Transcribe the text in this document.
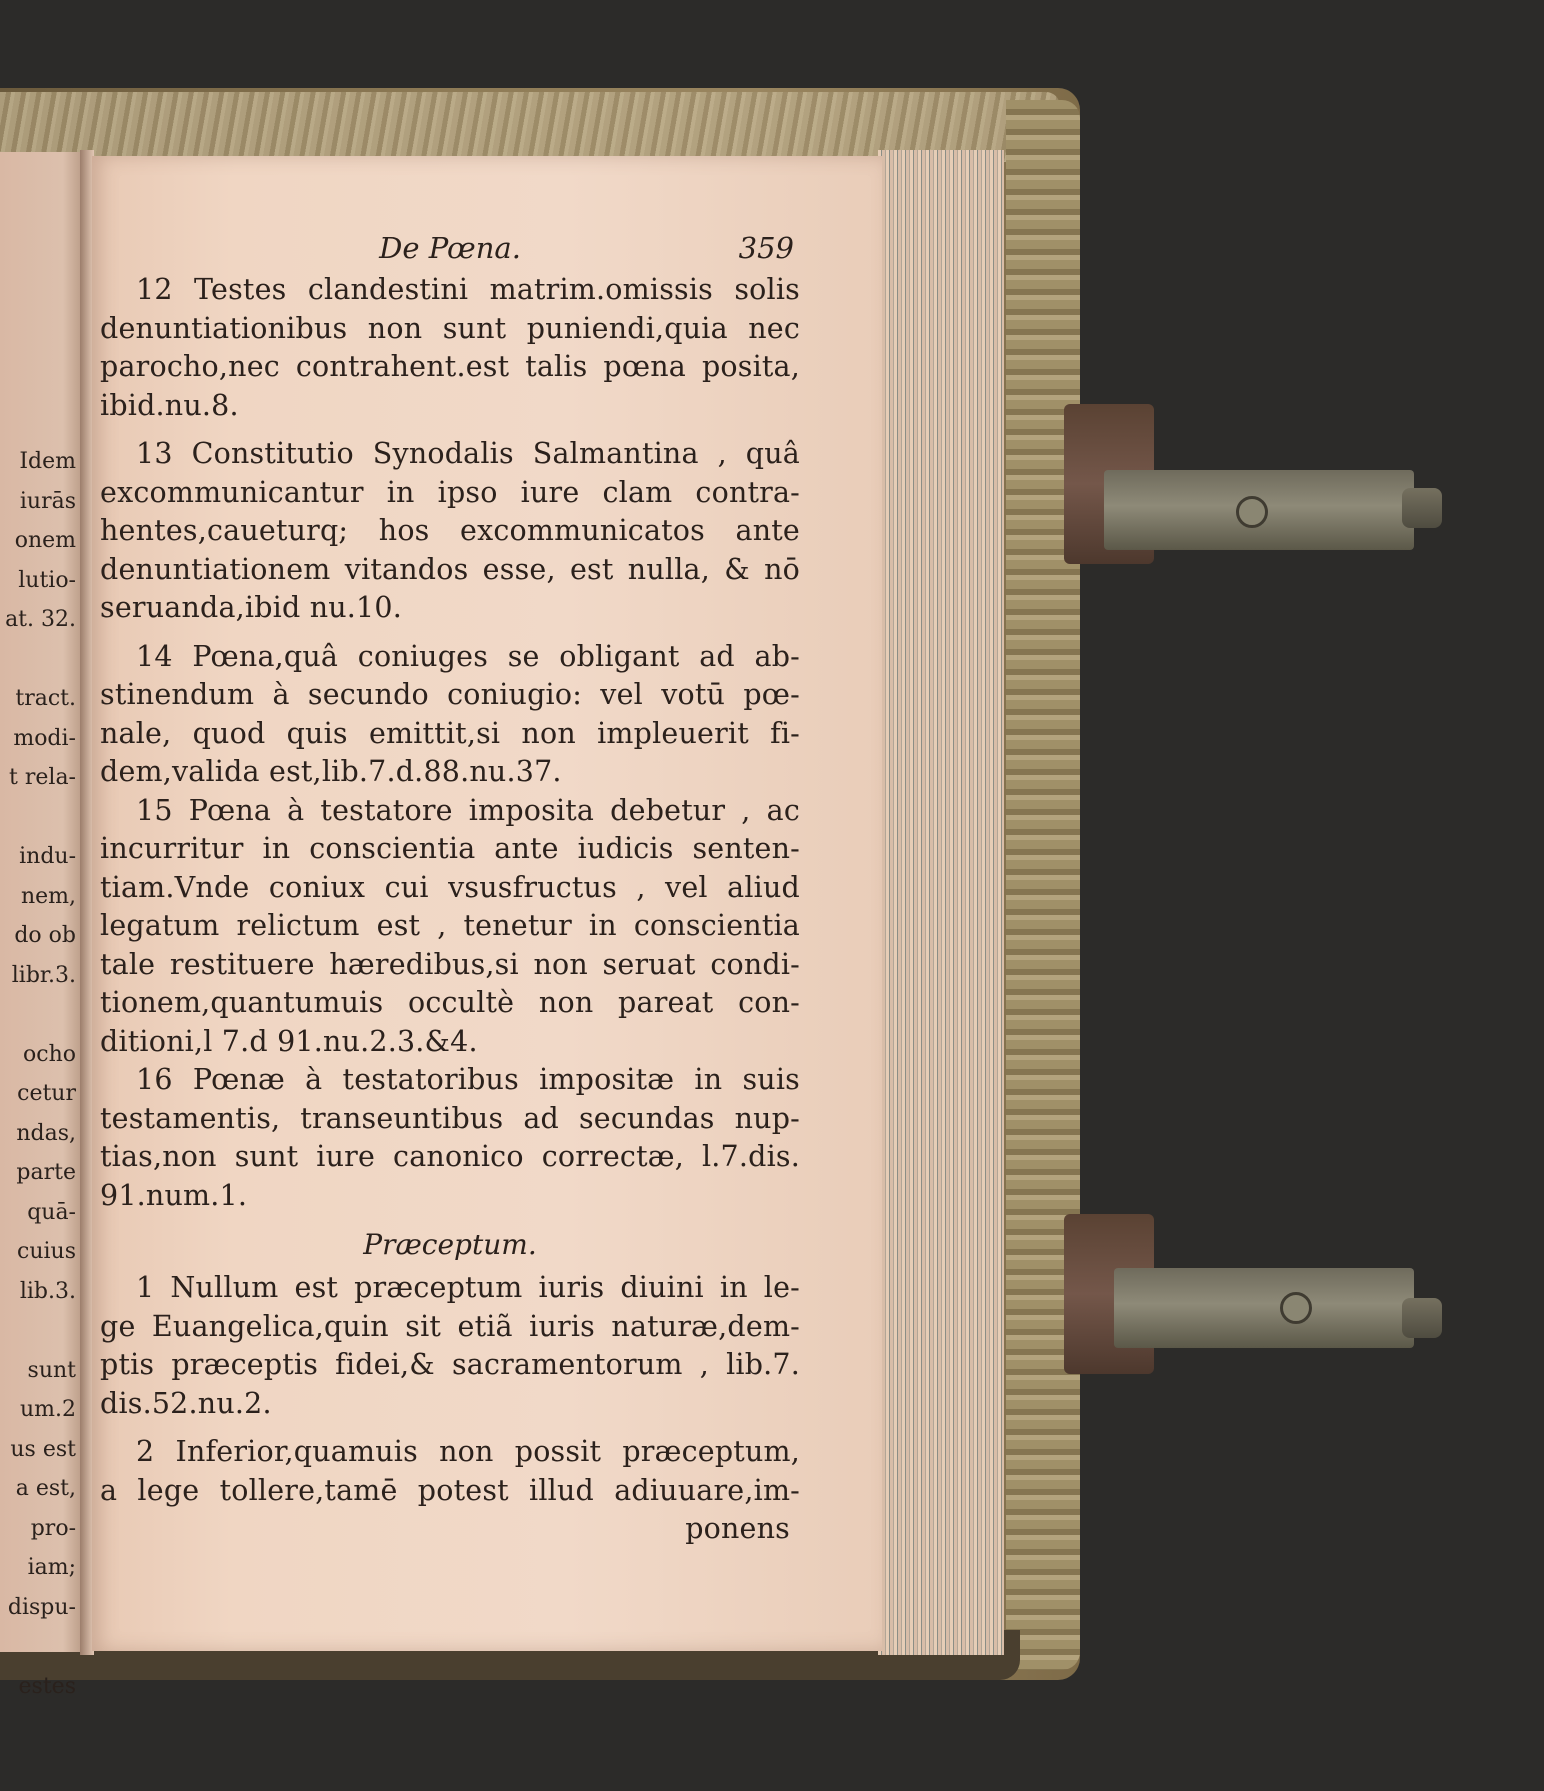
Idem
iurās
onem
lutio-
at. 32.
tract.
modi-
t rela-
indu-
nem,
do ob
libr.3.
ocho
cetur
ndas,
parte
quā-
cuius
lib.3.
sunt
um.2
us est
a est,
pro-
iam;
dispu-
estes
De Pœna.	359
12 Testes clandestini matrim.omissis solis
denuntiationibus non sunt puniendi,quia nec
parocho,nec contrahent.est talis pœna posita,
ibid.nu.8.
13 Constitutio Synodalis Salmantina , quâ
excommunicantur in ipso iure clam contra-
hentes,caueturq; hos excommunicatos ante
denuntiationem vitandos esse, est nulla, & nō
seruanda,ibid nu.10.
14 Pœna,quâ coniuges se obligant ad ab-
stinendum à secundo coniugio: vel votū pœ-
nale, quod quis emittit,si non impleuerit fi-
dem,valida est,lib.7.d.88.nu.37.
15 Pœna à testatore imposita debetur , ac
incurritur in conscientia ante iudicis senten-
tiam.Vnde coniux cui vsusfructus , vel aliud
legatum relictum est , tenetur in conscientia
tale restituere hæredibus,si non seruat condi-
tionem,quantumuis occultè non pareat con-
ditioni,l 7.d 91.nu.2.3.&4.
16 Pœnæ à testatoribus impositæ in suis
testamentis, transeuntibus ad secundas nup-
tias,non sunt iure canonico correctæ, l.7.dis.
91.num.1.
Præceptum.
1 Nullum est præceptum iuris diuini in le-
ge Euangelica,quin sit etiã iuris naturæ,dem-
ptis præceptis fidei,& sacramentorum , lib.7.
dis.52.nu.2.
2 Inferior,quamuis non possit præceptum,
a lege tollere,tamē potest illud adiuuare,im-
ponens
